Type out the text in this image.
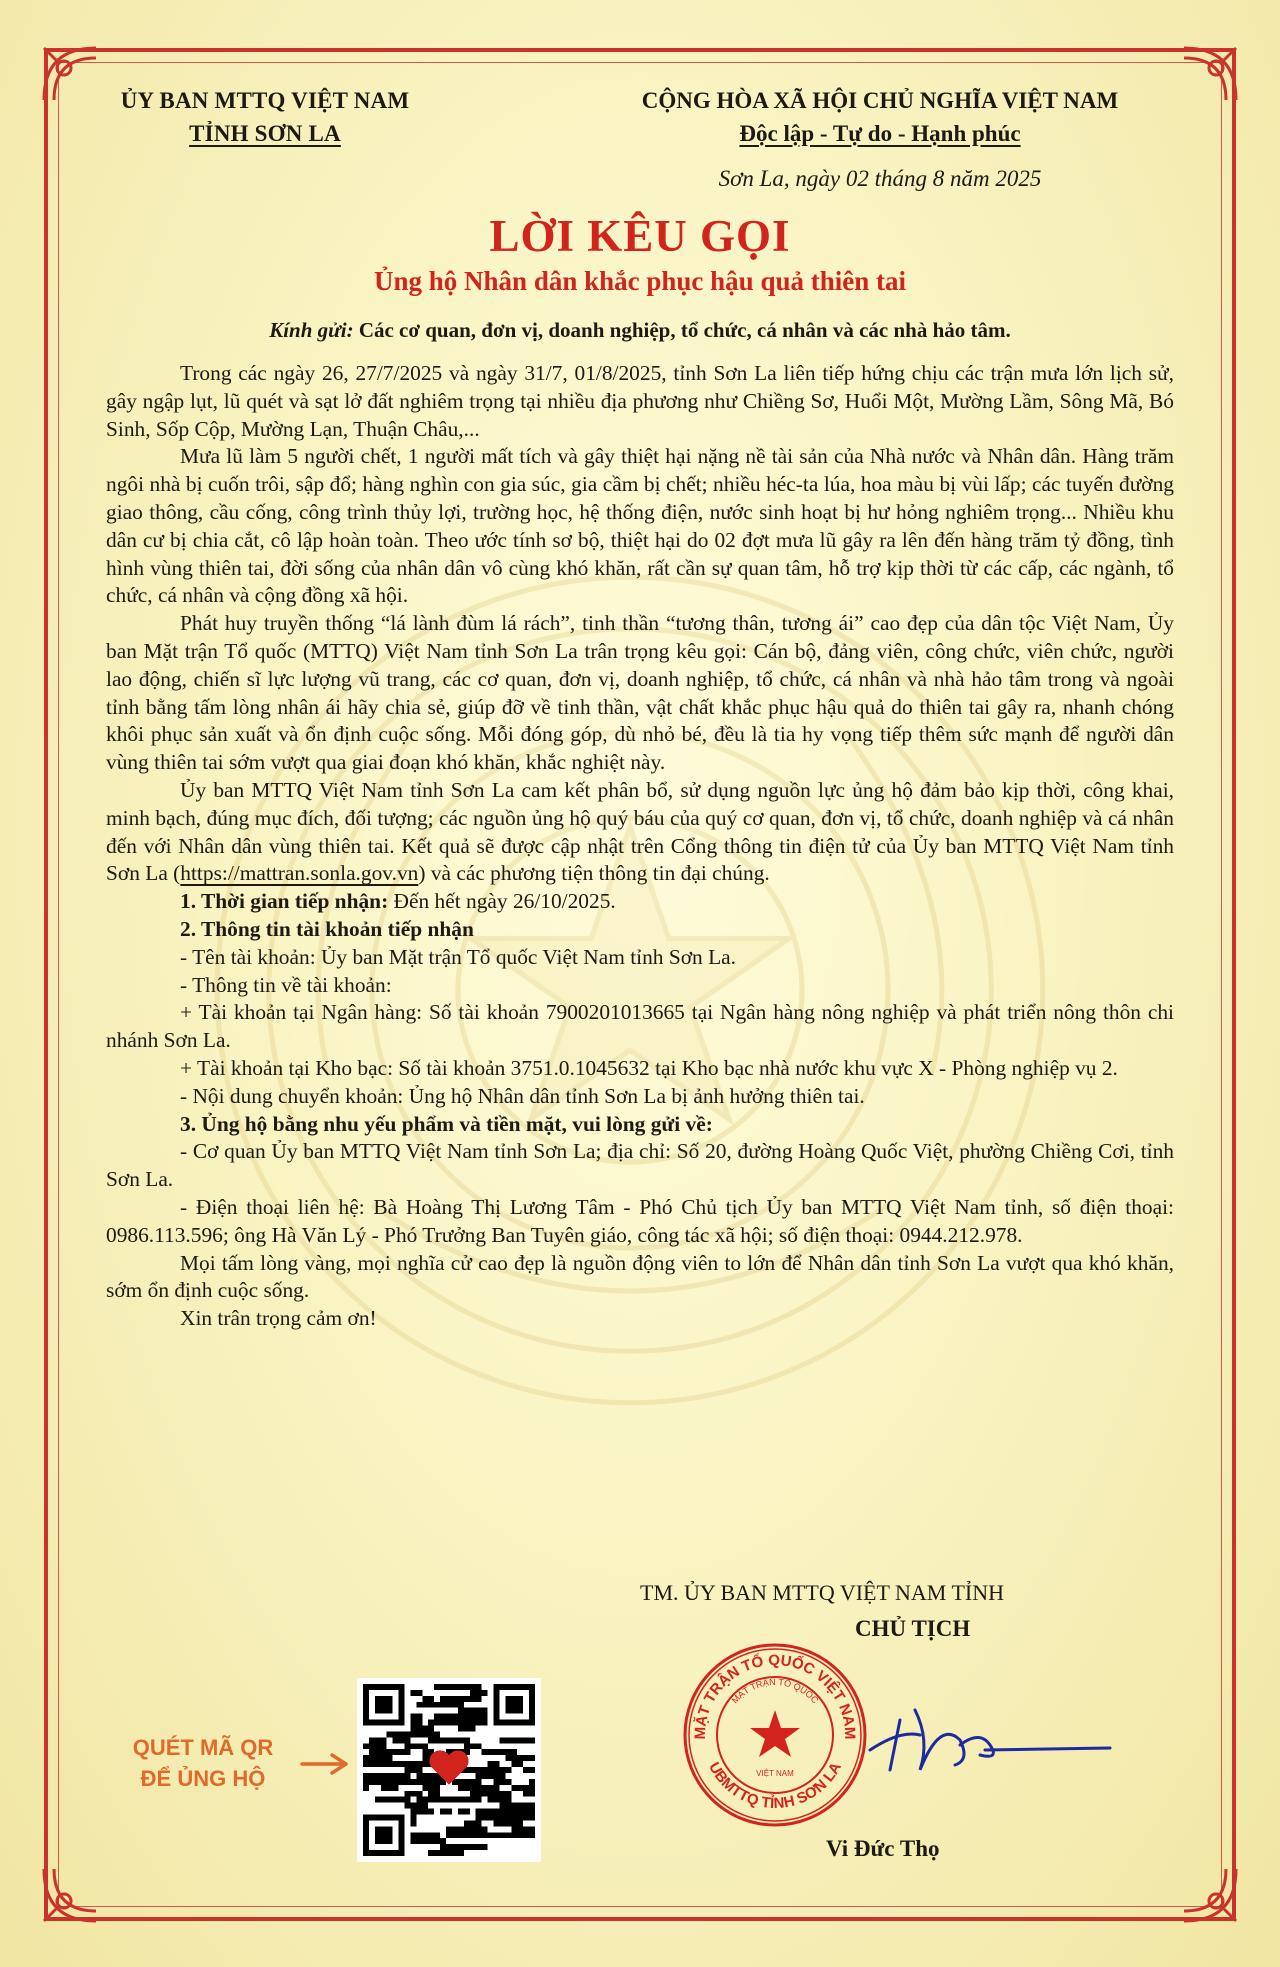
ỦY BAN MTTQ VIỆT NAM
TỈNH SƠN LA
CỘNG HÒA XÃ HỘI CHỦ NGHĨA VIỆT NAM
Độc lập - Tự do - Hạnh phúc
Sơn La, ngày 02 tháng 8 năm 2025
LỜI KÊU GỌI
Ủng hộ Nhân dân khắc phục hậu quả thiên tai
Kính gửi: Các cơ quan, đơn vị, doanh nghiệp, tổ chức, cá nhân và các nhà hảo tâm.

Trong các ngày 26, 27/7/2025 và ngày 31/7, 01/8/2025, tỉnh Sơn La liên tiếp hứng chịu các trận mưa lớn lịch sử, gây ngập lụt, lũ quét và sạt lở đất nghiêm trọng tại nhiều địa phương như Chiềng Sơ, Huổi Một, Mường Lầm, Sông Mã, Bó Sinh, Sốp Cộp, Mường Lạn, Thuận Châu,...

Mưa lũ làm 5 người chết, 1 người mất tích và gây thiệt hại nặng nề tài sản của Nhà nước và Nhân dân. Hàng trăm ngôi nhà bị cuốn trôi, sập đổ; hàng nghìn con gia súc, gia cầm bị chết; nhiều héc-ta lúa, hoa màu bị vùi lấp; các tuyến đường giao thông, cầu cống, công trình thủy lợi, trường học, hệ thống điện, nước sinh hoạt bị hư hỏng nghiêm trọng... Nhiều khu dân cư bị chia cắt, cô lập hoàn toàn. Theo ước tính sơ bộ, thiệt hại do 02 đợt mưa lũ gây ra lên đến hàng trăm tỷ đồng, tình hình vùng thiên tai, đời sống của nhân dân vô cùng khó khăn, rất cần sự quan tâm, hỗ trợ kịp thời từ các cấp, các ngành, tổ chức, cá nhân và cộng đồng xã hội.

Phát huy truyền thống “lá lành đùm lá rách”, tinh thần “tương thân, tương ái” cao đẹp của dân tộc Việt Nam, Ủy ban Mặt trận Tổ quốc (MTTQ) Việt Nam tỉnh Sơn La trân trọng kêu gọi: Cán bộ, đảng viên, công chức, viên chức, người lao động, chiến sĩ lực lượng vũ trang, các cơ quan, đơn vị, doanh nghiệp, tổ chức, cá nhân và nhà hảo tâm trong và ngoài tỉnh bằng tấm lòng nhân ái hãy chia sẻ, giúp đỡ về tinh thần, vật chất khắc phục hậu quả do thiên tai gây ra, nhanh chóng khôi phục sản xuất và ổn định cuộc sống. Mỗi đóng góp, dù nhỏ bé, đều là tia hy vọng tiếp thêm sức mạnh để người dân vùng thiên tai sớm vượt qua giai đoạn khó khăn, khắc nghiệt này.

Ủy ban MTTQ Việt Nam tỉnh Sơn La cam kết phân bổ, sử dụng nguồn lực ủng hộ đảm bảo kịp thời, công khai, minh bạch, đúng mục đích, đối tượng; các nguồn ủng hộ quý báu của quý cơ quan, đơn vị, tổ chức, doanh nghiệp và cá nhân đến với Nhân dân vùng thiên tai. Kết quả sẽ được cập nhật trên Cổng thông tin điện tử của Ủy ban MTTQ Việt Nam tỉnh Sơn La (https://mattran.sonla.gov.vn) và các phương tiện thông tin đại chúng.

1. Thời gian tiếp nhận: Đến hết ngày 26/10/2025.

2. Thông tin tài khoản tiếp nhận

- Tên tài khoản: Ủy ban Mặt trận Tổ quốc Việt Nam tỉnh Sơn La.

- Thông tin về tài khoản:

+ Tài khoản tại Ngân hàng: Số tài khoản 7900201013665 tại Ngân hàng nông nghiệp và phát triển nông thôn chi nhánh Sơn La.

+ Tài khoản tại Kho bạc: Số tài khoản 3751.0.1045632 tại Kho bạc nhà nước khu vực X - Phòng nghiệp vụ 2.

- Nội dung chuyển khoản: Ủng hộ Nhân dân tỉnh Sơn La bị ảnh hưởng thiên tai.

3. Ủng hộ bằng nhu yếu phẩm và tiền mặt, vui lòng gửi về:

- Cơ quan Ủy ban MTTQ Việt Nam tỉnh Sơn La; địa chỉ: Số 20, đường Hoàng Quốc Việt, phường Chiềng Cơi, tỉnh Sơn La.

- Điện thoại liên hệ: Bà Hoàng Thị Lương Tâm - Phó Chủ tịch Ủy ban MTTQ Việt Nam tỉnh, số điện thoại: 0986.113.596; ông Hà Văn Lý - Phó Trưởng Ban Tuyên giáo, công tác xã hội; số điện thoại: 0944.212.978.

Mọi tấm lòng vàng, mọi nghĩa cử cao đẹp là nguồn động viên to lớn để Nhân dân tỉnh Sơn La vượt qua khó khăn, sớm ổn định cuộc sống.

Xin trân trọng cảm ơn!

TM. ỦY BAN MTTQ VIỆT NAM TỈNH
CHỦ TỊCH
MẶT TRẬN TỔ QUỐC VIỆT NAM
UBMTTQ TỈNH SƠN LA
MẶT TRẬN TỔ QUỐC
VIỆT NAM
Vi Đức Thọ
QUÉT MÃ QR
ĐỂ ỦNG HỘ
